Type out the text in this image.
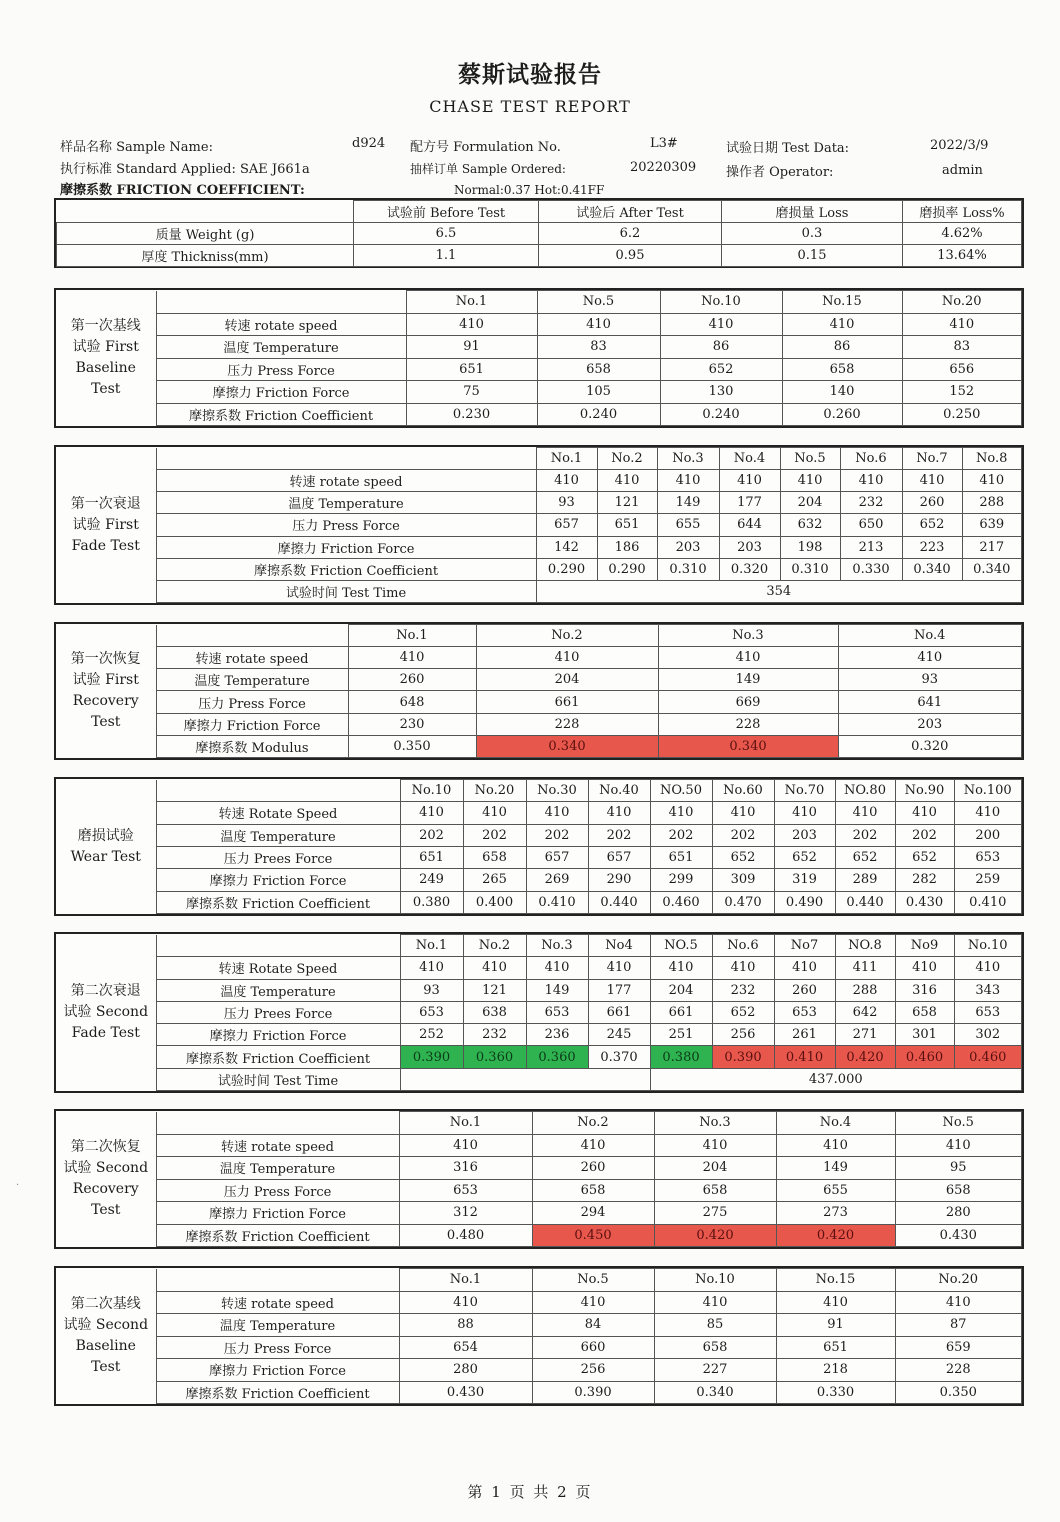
蔡斯试验报告
CHASE TEST REPORT
样品名称 Sample Name:	d924 配方号 Formulation No.	L3#	试验日期 Test Data:	2022/3/9
执行标准 Standard Applied: SAE J661a	抽样订单 Sample Ordered:	20220309 操作者 Operator:	admin
摩擦系数 FRICTION COEFFICIENT:	Normal:0.37 Hot:0.41FF
	试验前 Before Test	试验后 After Test	磨损量 Loss	磨损率 Loss%
质量 Weight (g)	6.5	6.2	0.3	4.62%
厚度 Thickniss(mm)	1.1	0.95	0.15	13.64%
第一次基线
试验 First
Baseline
Test		No.1	No.5	No.10	No.15	No.20
	转速 rotate speed	410	410	410	410	410
	温度 Temperature	91	83	86	86	83
	压力 Press Force	651	658	652	658	656
	摩擦力 Friction Force	75	105	130	140	152
	摩擦系数 Friction Coefficient	0.230	0.240	0.240	0.260	0.250
第一次衰退
试验 First
Fade Test		No.1	No.2	No.3	No.4	No.5	No.6	No.7	No.8
	转速 rotate speed	410	410	410	410	410	410	410	410
	温度 Temperature	93	121	149	177	204	232	260	288
	压力 Press Force	657	651	655	644	632	650	652	639
	摩擦力 Friction Force	142	186	203	203	198	213	223	217
	摩擦系数 Friction Coefficient	0.290	0.290	0.310	0.320	0.310	0.330	0.340	0.340
	试验时间 Test Time	354							
第一次恢复
试验 First
Recovery
Test		No.1	No.2	No.3	No.4
	转速 rotate speed	410	410	410	410
	温度 Temperature	260	204	149	93
	压力 Press Force	648	661	669	641
	摩擦力 Friction Force	230	228	228	203
	摩擦系数 Modulus	0.350	0.340	0.340	0.320
磨损试验
Wear Test		No.10	No.20	No.30	No.40	NO.50	No.60	No.70	NO.80	No.90	No.100
	转速 Rotate Speed	410	410	410	410	410	410	410	410	410	410
	温度 Temperature	202	202	202	202	202	202	203	202	202	200
	压力 Prees Force	651	658	657	657	651	652	652	652	652	653
	摩擦力 Friction Force	249	265	269	290	299	309	319	289	282	259
	摩擦系数 Friction Coefficient	0.380	0.400	0.410	0.440	0.460	0.470	0.490	0.440	0.430	0.410
第二次衰退
试验 Second
Fade Test		No.1	No.2	No.3	No4	NO.5	No.6	No7	NO.8	No9	No.10
	转速 Rotate Speed	410	410	410	410	410	410	410	411	410	410
	温度 Temperature	93	121	149	177	204	232	260	288	316	343
	压力 Prees Force	653	638	653	661	661	652	653	642	658	653
	摩擦力 Friction Force	252	232	236	245	251	256	261	271	301	302
	摩擦系数 Friction Coefficient	0.390	0.360	0.360	0.370	0.380	0.390	0.410	0.420	0.460	0.460
	试验时间 Test Time					437.000					
第二次恢复
试验 Second
Recovery
Test		No.1	No.2	No.3	No.4	No.5
	转速 rotate speed	410	410	410	410	410
	温度 Temperature	316	260	204	149	95
	压力 Press Force	653	658	658	655	658
	摩擦力 Friction Force	312	294	275	273	280
	摩擦系数 Friction Coefficient	0.480	0.450	0.420	0.420	0.430
第二次基线
试验 Second
Baseline
Test		No.1	No.5	No.10	No.15	No.20
	转速 rotate speed	410	410	410	410	410
	温度 Temperature	88	84	85	91	87
	压力 Press Force	654	660	658	651	659
	摩擦力 Friction Force	280	256	227	218	228
	摩擦系数 Friction Coefficient	0.430	0.390	0.340	0.330	0.350
·
第 1 页 共 2 页
